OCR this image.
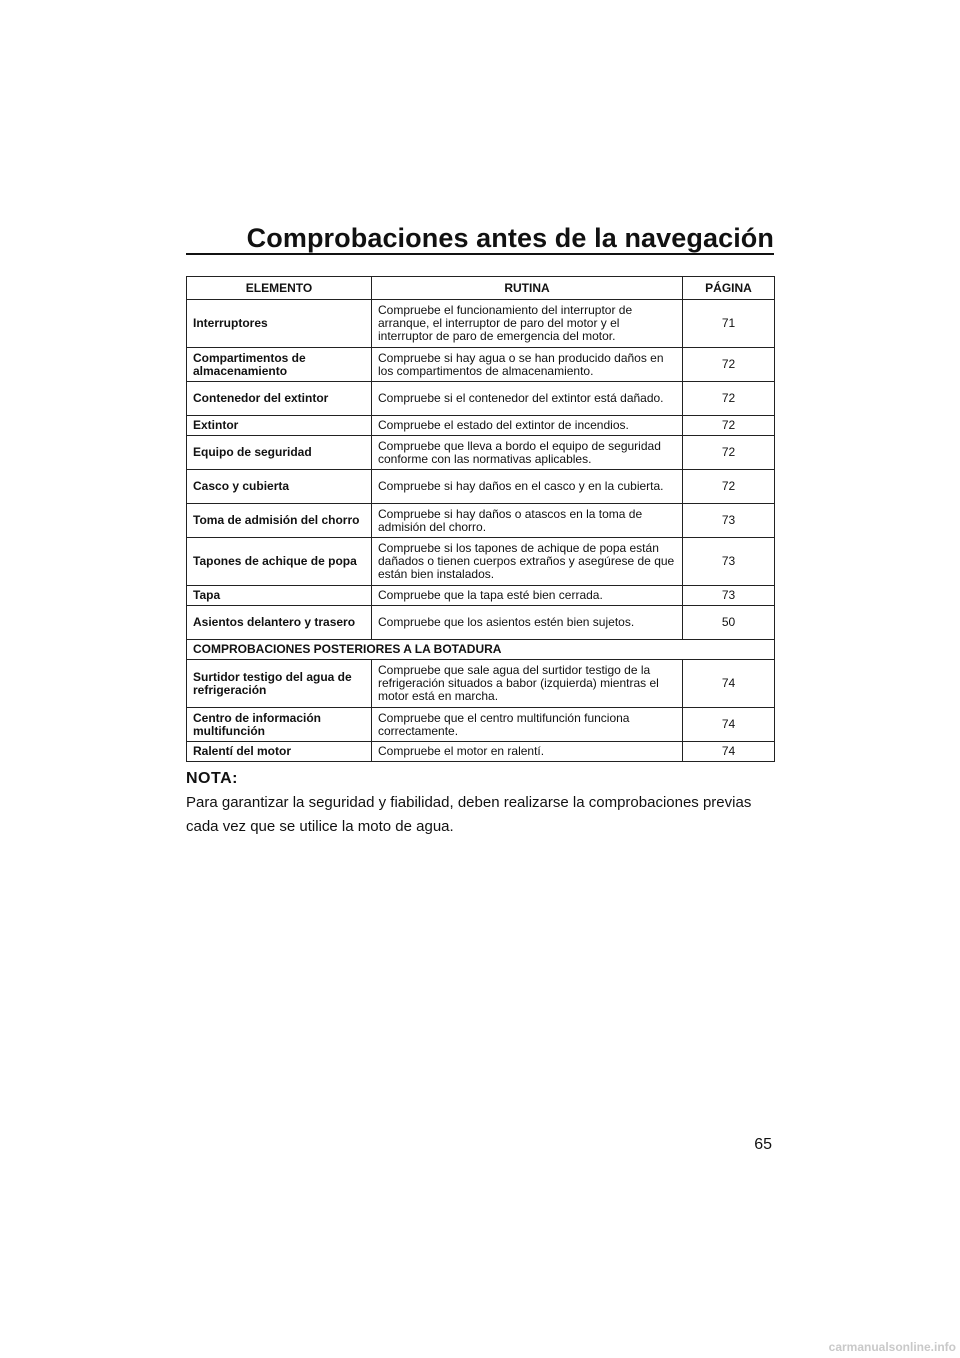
Comprobaciones antes de la navegación
ELEMENTO	RUTINA	PÁGINA
Interruptores	Compruebe el funcionamiento del interruptor de arranque, el interruptor de paro del motor y el interruptor de paro de emergencia del motor.	71
Compartimentos de almacenamiento	Compruebe si hay agua o se han producido daños en los compartimentos de almacenamiento.	72
Contenedor del extintor	Compruebe si el contenedor del extintor está dañado.	72
Extintor	Compruebe el estado del extintor de incendios.	72
Equipo de seguridad	Compruebe que lleva a bordo el equipo de seguridad conforme con las normativas aplicables.	72
Casco y cubierta	Compruebe si hay daños en el casco y en la cubierta.	72
Toma de admisión del chorro	Compruebe si hay daños o atascos en la toma de admisión del chorro.	73
Tapones de achique de popa	Compruebe si los tapones de achique de popa están dañados o tienen cuerpos extraños y asegúrese de que están bien instalados.	73
Tapa	Compruebe que la tapa esté bien cerrada.	73
Asientos delantero y trasero	Compruebe que los asientos estén bien sujetos.	50
COMPROBACIONES POSTERIORES A LA BOTADURA		
Surtidor testigo del agua de refrigeración	Compruebe que sale agua del surtidor testigo de la refrigeración situados a babor (izquierda) mientras el motor está en marcha.	74
Centro de información multifunción	Compruebe que el centro multifunción funciona correctamente.	74
Ralentí del motor	Compruebe el motor en ralentí.	74
NOTA:

Para garantizar la seguridad y fiabilidad, deben realizarse la comprobaciones previas cada vez que se utilice la moto de agua.

65
carmanualsonline.info
